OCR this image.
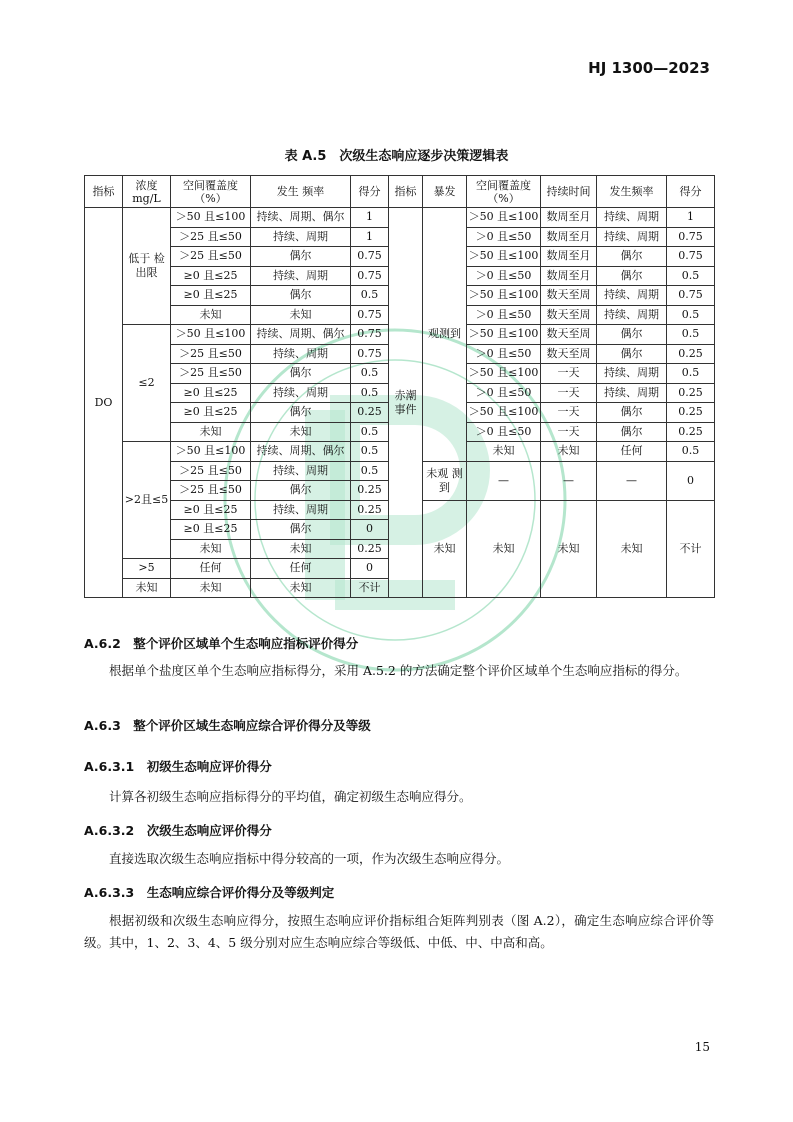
HJ 1300—2023
表 A.5　次级生态响应逐步决策逻辑表
指标	浓度 mg/L	空间覆盖度（%）	发生 频率	得分	指标	暴发	空间覆盖度（%）	持续时间	发生频率	得分
DO	低于 检出限	＞50 且≤100	持续、周期、偶尔	1	赤潮 事件	观测到	＞50 且≤100	数周至月	持续、周期	1
		＞25 且≤50	持续、周期	1			＞0 且≤50	数周至月	持续、周期	0.75
		＞25 且≤50	偶尔	0.75			＞50 且≤100	数周至月	偶尔	0.75
		≥0 且≤25	持续、周期	0.75			＞0 且≤50	数周至月	偶尔	0.5
		≥0 且≤25	偶尔	0.5			＞50 且≤100	数天至周	持续、周期	0.75
		未知	未知	0.75			＞0 且≤50	数天至周	持续、周期	0.5
	≤2	＞50 且≤100	持续、周期、偶尔	0.75			＞50 且≤100	数天至周	偶尔	0.5
		＞25 且≤50	持续、周期	0.75			＞0 且≤50	数天至周	偶尔	0.25
		＞25 且≤50	偶尔	0.5			＞50 且≤100	一天	持续、周期	0.5
		≥0 且≤25	持续、周期	0.5			＞0 且≤50	一天	持续、周期	0.25
		≥0 且≤25	偶尔	0.25			＞50 且≤100	一天	偶尔	0.25
		未知	未知	0.5			＞0 且≤50	一天	偶尔	0.25
	>2且≤5	＞50 且≤100	持续、周期、偶尔	0.5			未知	未知	任何	0.5
		＞25 且≤50	持续、周期	0.5		未观 测到	—	—	—	0
		＞25 且≤50	偶尔	0.25						
		≥0 且≤25	持续、周期	0.25		未知	未知	未知	未知	不计
		≥0 且≤25	偶尔	0						
		未知	未知	0.25						
	>5	任何	任何	0						
	未知	未知	未知	不计						
A.6.2　整个评价区域单个生态响应指标评价得分
根据单个盐度区单个生态响应指标得分，采用 A.5.2 的方法确定整个评价区域单个生态响应指标的得分。
A.6.3　整个评价区域生态响应综合评价得分及等级
A.6.3.1　初级生态响应评价得分
计算各初级生态响应指标得分的平均值，确定初级生态响应得分。
A.6.3.2　次级生态响应评价得分
直接选取次级生态响应指标中得分较高的一项，作为次级生态响应得分。
A.6.3.3　生态响应综合评价得分及等级判定
根据初级和次级生态响应得分，按照生态响应评价指标组合矩阵判别表（图 A.2），确定生态响应综合评价等级。其中，1、2、3、4、5 级分别对应生态响应综合等级低、中低、中、中高和高。
15
